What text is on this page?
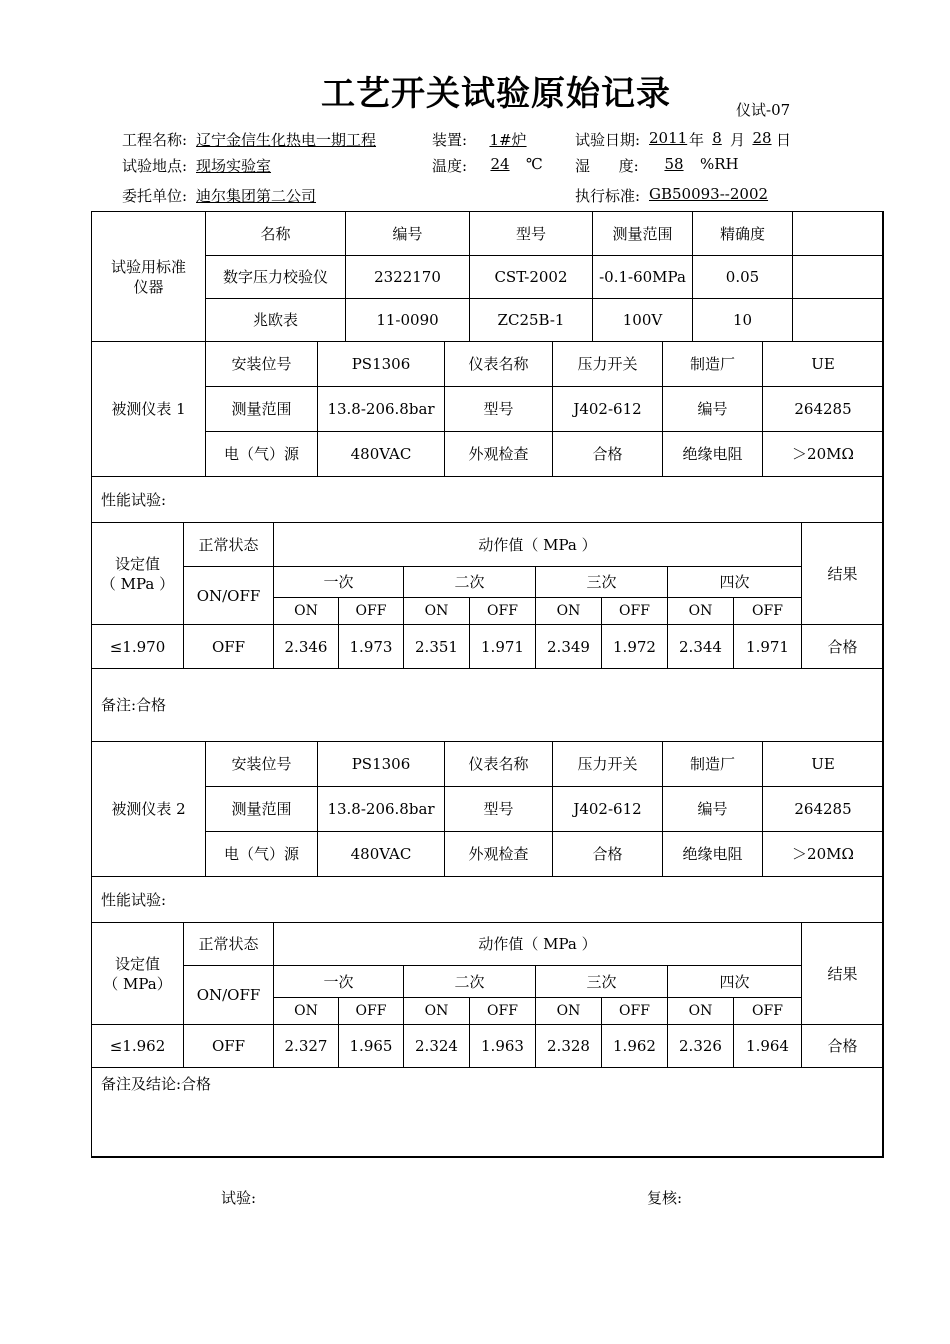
工艺开关试验原始记录	仪试-07
工程名称: 辽宁金信生化热电一期工程	装置:	1#炉	试验日期: 2011 年 8 月 28 日
试验地点: 现场实验室	温度:	24	℃ 湿      度:	58	%RH
委托单位: 迪尔集团第二公司	执行标准: GB50093--2002
试验用标准仪器	名称	编号	型号	测量范围	精确度	
	数字压力校验仪	2322170	CST-2002	-0.1-60MPa	0.05	
	兆欧表	11-0090	ZC25B-1	100V	10	
被测仪表 1	安装位号	PS1306	仪表名称	压力开关	制造厂	UE
	测量范围	13.8-206.8bar	型号	J402-612	编号	264285
	电（气）源	480VAC	外观检查	合格	绝缘电阻	＞20MΩ
性能试验:						
设定值
（ MPa ）	正常状态	动作值（ MPa ）								结果
	ON/OFF	一次		二次		三次		四次		
		ON	OFF	ON	OFF	ON	OFF	ON	OFF	
≤1.970	OFF	2.346	1.973	2.351	1.971	2.349	1.972	2.344	1.971	合格
备注:合格										
被测仪表 2	安装位号	PS1306	仪表名称	压力开关	制造厂	UE
	测量范围	13.8-206.8bar	型号	J402-612	编号	264285
	电（气）源	480VAC	外观检查	合格	绝缘电阻	＞20MΩ
性能试验:						
设定值
（ MPa）	正常状态	动作值（ MPa ）								结果
	ON/OFF	一次		二次		三次		四次		
		ON	OFF	ON	OFF	ON	OFF	ON	OFF	
≤1.962	OFF	2.327	1.965	2.324	1.963	2.328	1.962	2.326	1.964	合格
备注及结论:合格										
试验:	复核:
